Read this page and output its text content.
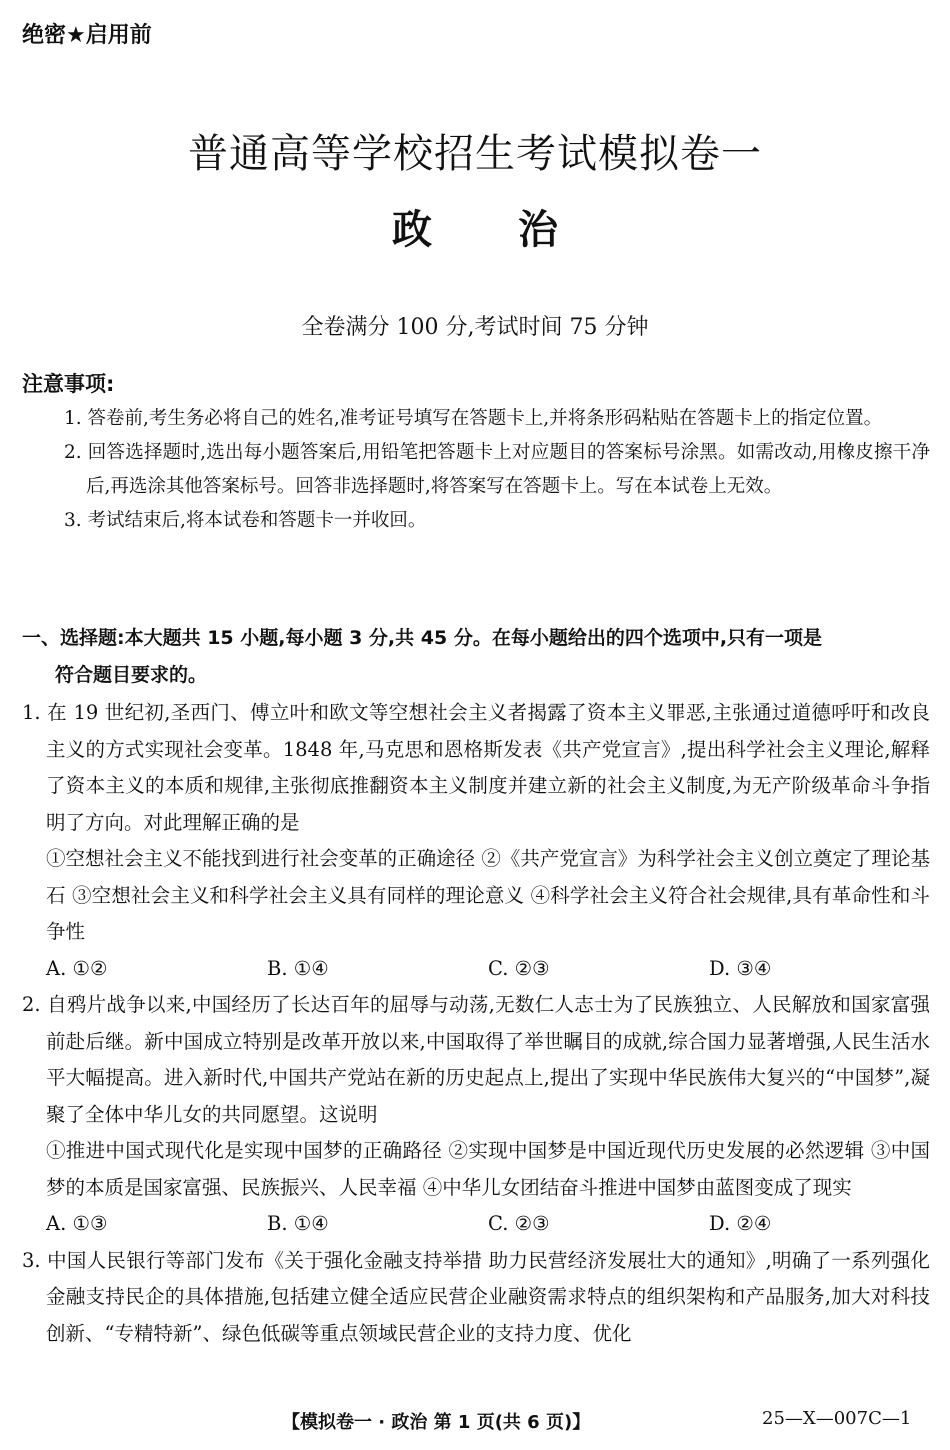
绝密★启用前
普通高等学校招生考试模拟卷一
政 治
全卷满分 100 分,考试时间 75 分钟
注意事项:
1. 答卷前,考生务必将自己的姓名,准考证号填写在答题卡上,并将条形码粘贴在答题卡上的指定位置。
2. 回答选择题时,选出每小题答案后,用铅笔把答题卡上对应题目的答案标号涂黑。如需改动,用橡皮擦干净后,再选涂其他答案标号。回答非选择题时,将答案写在答题卡上。写在本试卷上无效。
3. 考试结束后,将本试卷和答题卡一并收回。
一、选择题:本大题共 15 小题,每小题 3 分,共 45 分。在每小题给出的四个选项中,只有一项是
符合题目要求的。

1. 在 19 世纪初,圣西门、傅立叶和欧文等空想社会主义者揭露了资本主义罪恶,主张通过道德呼吁和改良主义的方式实现社会变革。1848 年,马克思和恩格斯发表《共产党宣言》,提出科学社会主义理论,解释了资本主义的本质和规律,主张彻底推翻资本主义制度并建立新的社会主义制度,为无产阶级革命斗争指明了方向。对此理解正确的是

①空想社会主义不能找到进行社会变革的正确途径 ②《共产党宣言》为科学社会主义创立奠定了理论基石 ③空想社会主义和科学社会主义具有同样的理论意义 ④科学社会主义符合社会规律,具有革命性和斗争性

A. ①②	B. ①④	C. ②③	D. ③④

2. 自鸦片战争以来,中国经历了长达百年的屈辱与动荡,无数仁人志士为了民族独立、人民解放和国家富强前赴后继。新中国成立特别是改革开放以来,中国取得了举世瞩目的成就,综合国力显著增强,人民生活水平大幅提高。进入新时代,中国共产党站在新的历史起点上,提出了实现中华民族伟大复兴的“中国梦”,凝聚了全体中华儿女的共同愿望。这说明

①推进中国式现代化是实现中国梦的正确路径 ②实现中国梦是中国近现代历史发展的必然逻辑 ③中国梦的本质是国家富强、民族振兴、人民幸福 ④中华儿女团结奋斗推进中国梦由蓝图变成了现实

A. ①③	B. ①④	C. ②③	D. ②④

3. 中国人民银行等部门发布《关于强化金融支持举措 助力民营经济发展壮大的通知》,明确了一系列强化金融支持民企的具体措施,包括建立健全适应民营企业融资需求特点的组织架构和产品服务,加大对科技创新、“专精特新”、绿色低碳等重点领域民营企业的支持力度、优化

【模拟卷一 · 政治 第 1 页(共 6 页)】	25—X—007C—1
